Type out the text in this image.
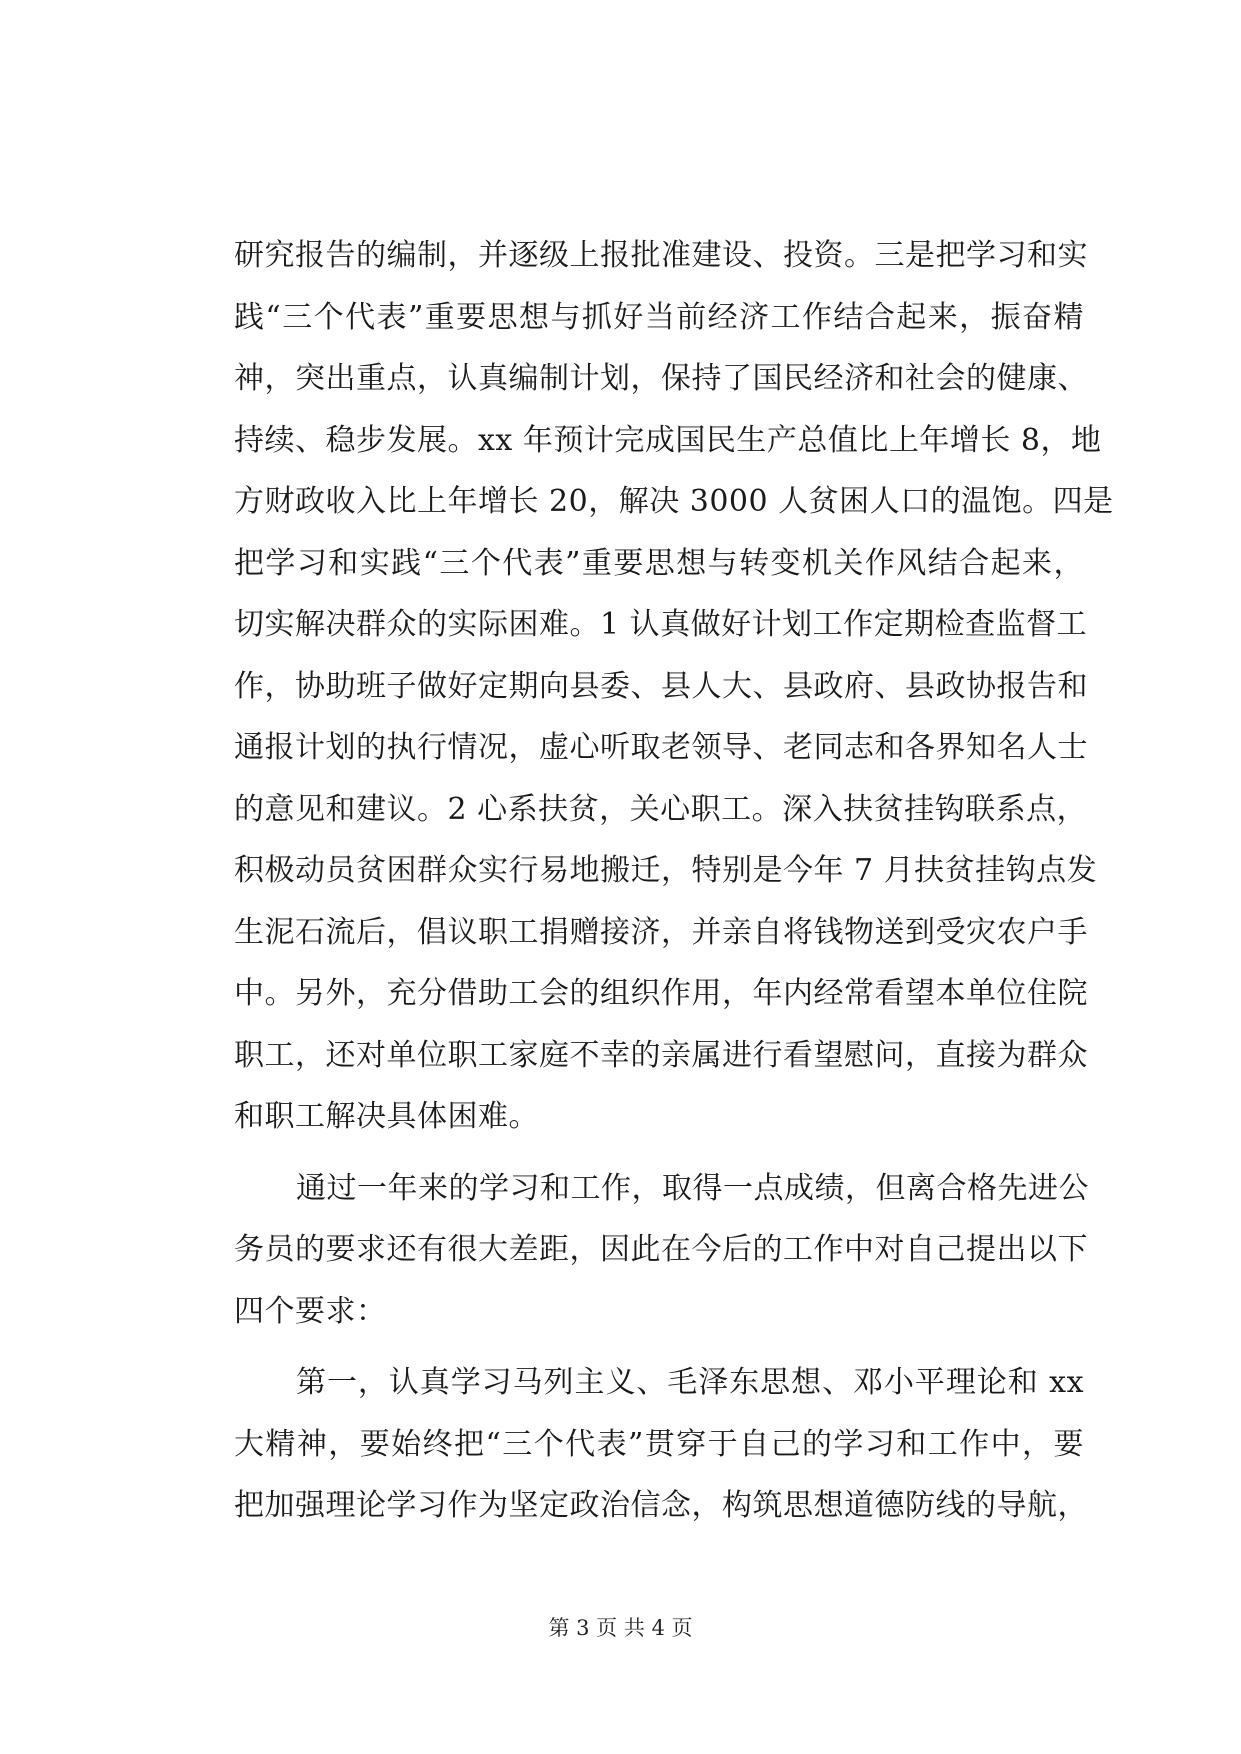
研究报告的编制，并逐级上报批准建设、投资。三是把学习和实
践“三个代表”重要思想与抓好当前经济工作结合起来，振奋精
神，突出重点，认真编制计划，保持了国民经济和社会的健康、
持续、稳步发展。xx 年预计完成国民生产总值比上年增长 8，地
方财政收入比上年增长 20，解决 3000 人贫困人口的温饱。四是
把学习和实践“三个代表”重要思想与转变机关作风结合起来，
切实解决群众的实际困难。1 认真做好计划工作定期检查监督工
作，协助班子做好定期向县委、县人大、县政府、县政协报告和
通报计划的执行情况，虚心听取老领导、老同志和各界知名人士
的意见和建议。2 心系扶贫，关心职工。深入扶贫挂钩联系点，
积极动员贫困群众实行易地搬迁，特别是今年 7 月扶贫挂钩点发
生泥石流后，倡议职工捐赠接济，并亲自将钱物送到受灾农户手
中。另外，充分借助工会的组织作用，年内经常看望本单位住院
职工，还对单位职工家庭不幸的亲属进行看望慰问，直接为群众
和职工解决具体困难。
通过一年来的学习和工作，取得一点成绩，但离合格先进公
务员的要求还有很大差距，因此在今后的工作中对自己提出以下
四个要求：
第一，认真学习马列主义、毛泽东思想、邓小平理论和 xx
大精神，要始终把“三个代表”贯穿于自己的学习和工作中，要
把加强理论学习作为坚定政治信念，构筑思想道德防线的导航，
第 3 页 共 4 页
